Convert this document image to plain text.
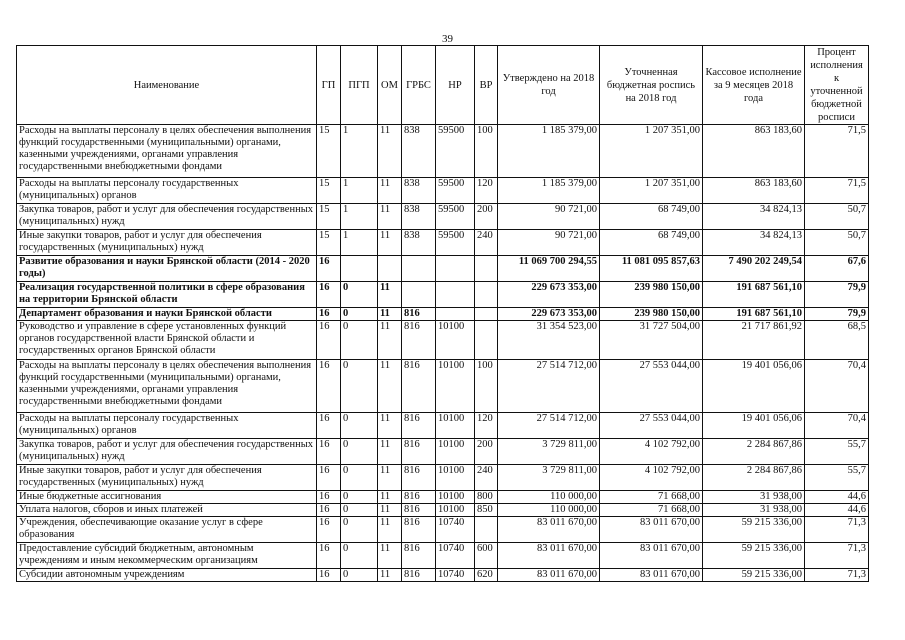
39
Наименование	ГП	ПГП	ОМ	ГРБС	НР	ВР	Утверждено на 2018 год	Уточненная бюджетная роспись на 2018 год	Кассовое исполнение за 9 месяцев 2018 года	Процент исполнения к уточненной бюджетной росписи
Расходы на выплаты персоналу в целях обеспечения выполнения функций государственными (муниципальными) органами, казенными учреждениями, органами управления государственными внебюджетными фондами	15	1	11	838	59500	100	1 185 379,00	1 207 351,00	863 183,60	71,5
Расходы на выплаты персоналу государственных (муниципальных) органов	15	1	11	838	59500	120	1 185 379,00	1 207 351,00	863 183,60	71,5
Закупка товаров, работ и услуг для обеспечения государственных (муниципальных) нужд	15	1	11	838	59500	200	90 721,00	68 749,00	34 824,13	50,7
Иные закупки товаров, работ и услуг для обеспечения государственных (муниципальных) нужд	15	1	11	838	59500	240	90 721,00	68 749,00	34 824,13	50,7
Развитие образования и науки Брянской области (2014 - 2020 годы)	16						11 069 700 294,55	11 081 095 857,63	7 490 202 249,54	67,6
Реализация государственной политики в сфере образования на территории Брянской области	16	0	11				229 673 353,00	239 980 150,00	191 687 561,10	79,9
Департамент образования и науки Брянской области	16	0	11	816			229 673 353,00	239 980 150,00	191 687 561,10	79,9
Руководство и управление в сфере установленных функций органов государственной власти Брянской области и государственных органов Брянской области	16	0	11	816	10100		31 354 523,00	31 727 504,00	21 717 861,92	68,5
Расходы на выплаты персоналу в целях обеспечения выполнения функций государственными (муниципальными) органами, казенными учреждениями, органами управления государственными внебюджетными фондами	16	0	11	816	10100	100	27 514 712,00	27 553 044,00	19 401 056,06	70,4
Расходы на выплаты персоналу государственных (муниципальных) органов	16	0	11	816	10100	120	27 514 712,00	27 553 044,00	19 401 056,06	70,4
Закупка товаров, работ и услуг для обеспечения государственных (муниципальных) нужд	16	0	11	816	10100	200	3 729 811,00	4 102 792,00	2 284 867,86	55,7
Иные закупки товаров, работ и услуг для обеспечения государственных (муниципальных) нужд	16	0	11	816	10100	240	3 729 811,00	4 102 792,00	2 284 867,86	55,7
Иные бюджетные ассигнования	16	0	11	816	10100	800	110 000,00	71 668,00	31 938,00	44,6
Уплата налогов, сборов и иных платежей	16	0	11	816	10100	850	110 000,00	71 668,00	31 938,00	44,6
Учреждения, обеспечивающие оказание услуг в сфере образования	16	0	11	816	10740		83 011 670,00	83 011 670,00	59 215 336,00	71,3
Предоставление субсидий бюджетным, автономным учреждениям и иным некоммерческим организациям	16	0	11	816	10740	600	83 011 670,00	83 011 670,00	59 215 336,00	71,3
Субсидии автономным учреждениям	16	0	11	816	10740	620	83 011 670,00	83 011 670,00	59 215 336,00	71,3
